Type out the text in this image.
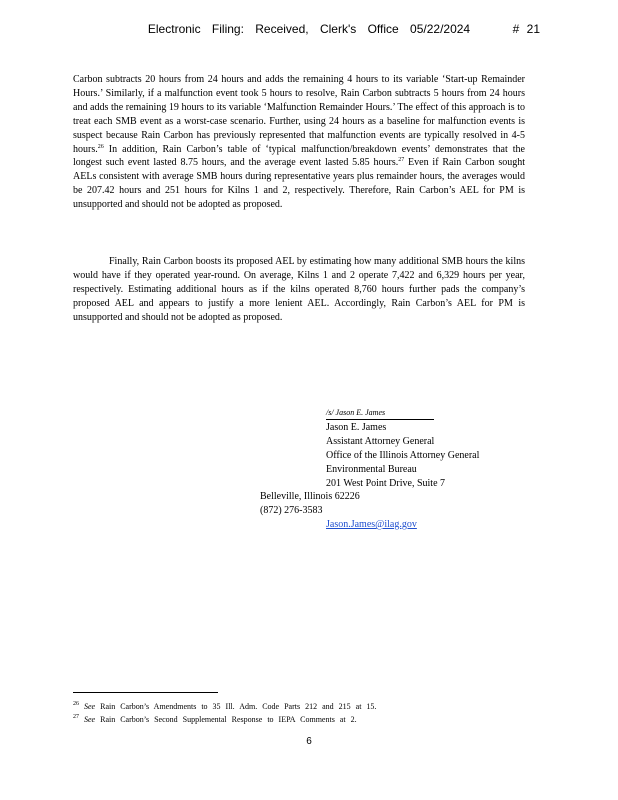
Electronic Filing: Received, Clerk's Office 05/22/2024	# 21

Carbon subtracts 20 hours from 24 hours and adds the remaining 4 hours to its variable ‘Start-up Remainder Hours.’ Similarly, if a malfunction event took 5 hours to resolve, Rain Carbon subtracts 5 hours from 24 hours and adds the remaining 19 hours to its variable ‘Malfunction Remainder Hours.’ The effect of this approach is to treat each SMB event as a worst-case scenario. Further, using 24 hours as a baseline for malfunction events is suspect because Rain Carbon has previously represented that malfunction events are typically resolved in 4-5 hours.$^{26}$ In addition, Rain Carbon’s table of ‘typical malfunction/breakdown events’ demonstrates that the longest such event lasted 8.75 hours, and the average event lasted 5.85 hours.$^{27}$ Even if Rain Carbon sought AELs consistent with average SMB hours during representative years plus remainder hours, the averages would be 207.42 hours and 251 hours for Kilns 1 and 2, respectively. Therefore, Rain Carbon’s AEL for PM is unsupported and should not be adopted as proposed.

Finally, Rain Carbon boosts its proposed AEL by estimating how many additional SMB hours the kilns would have if they operated year-round. On average, Kilns 1 and 2 operate 7,422 and 6,329 hours per year, respectively. Estimating additional hours as if the kilns operated 8,760 hours further pads the company’s proposed AEL and appears to justify a more lenient AEL. Accordingly, Rain Carbon’s AEL for PM is unsupported and should not be adopted as proposed.

/s/ Jason E. James
Jason E. James
Assistant Attorney General
Office of the Illinois Attorney General
Environmental Bureau
201 West Point Drive, Suite 7
Belleville, Illinois 62226
(872) 276-3583
Jason.James@ilag.gov
$^{26}$ See Rain Carbon’s Amendments to 35 Ill. Adm. Code Parts 212 and 215 at 15.
$^{27}$ See Rain Carbon’s Second Supplemental Response to IEPA Comments at 2.
6
